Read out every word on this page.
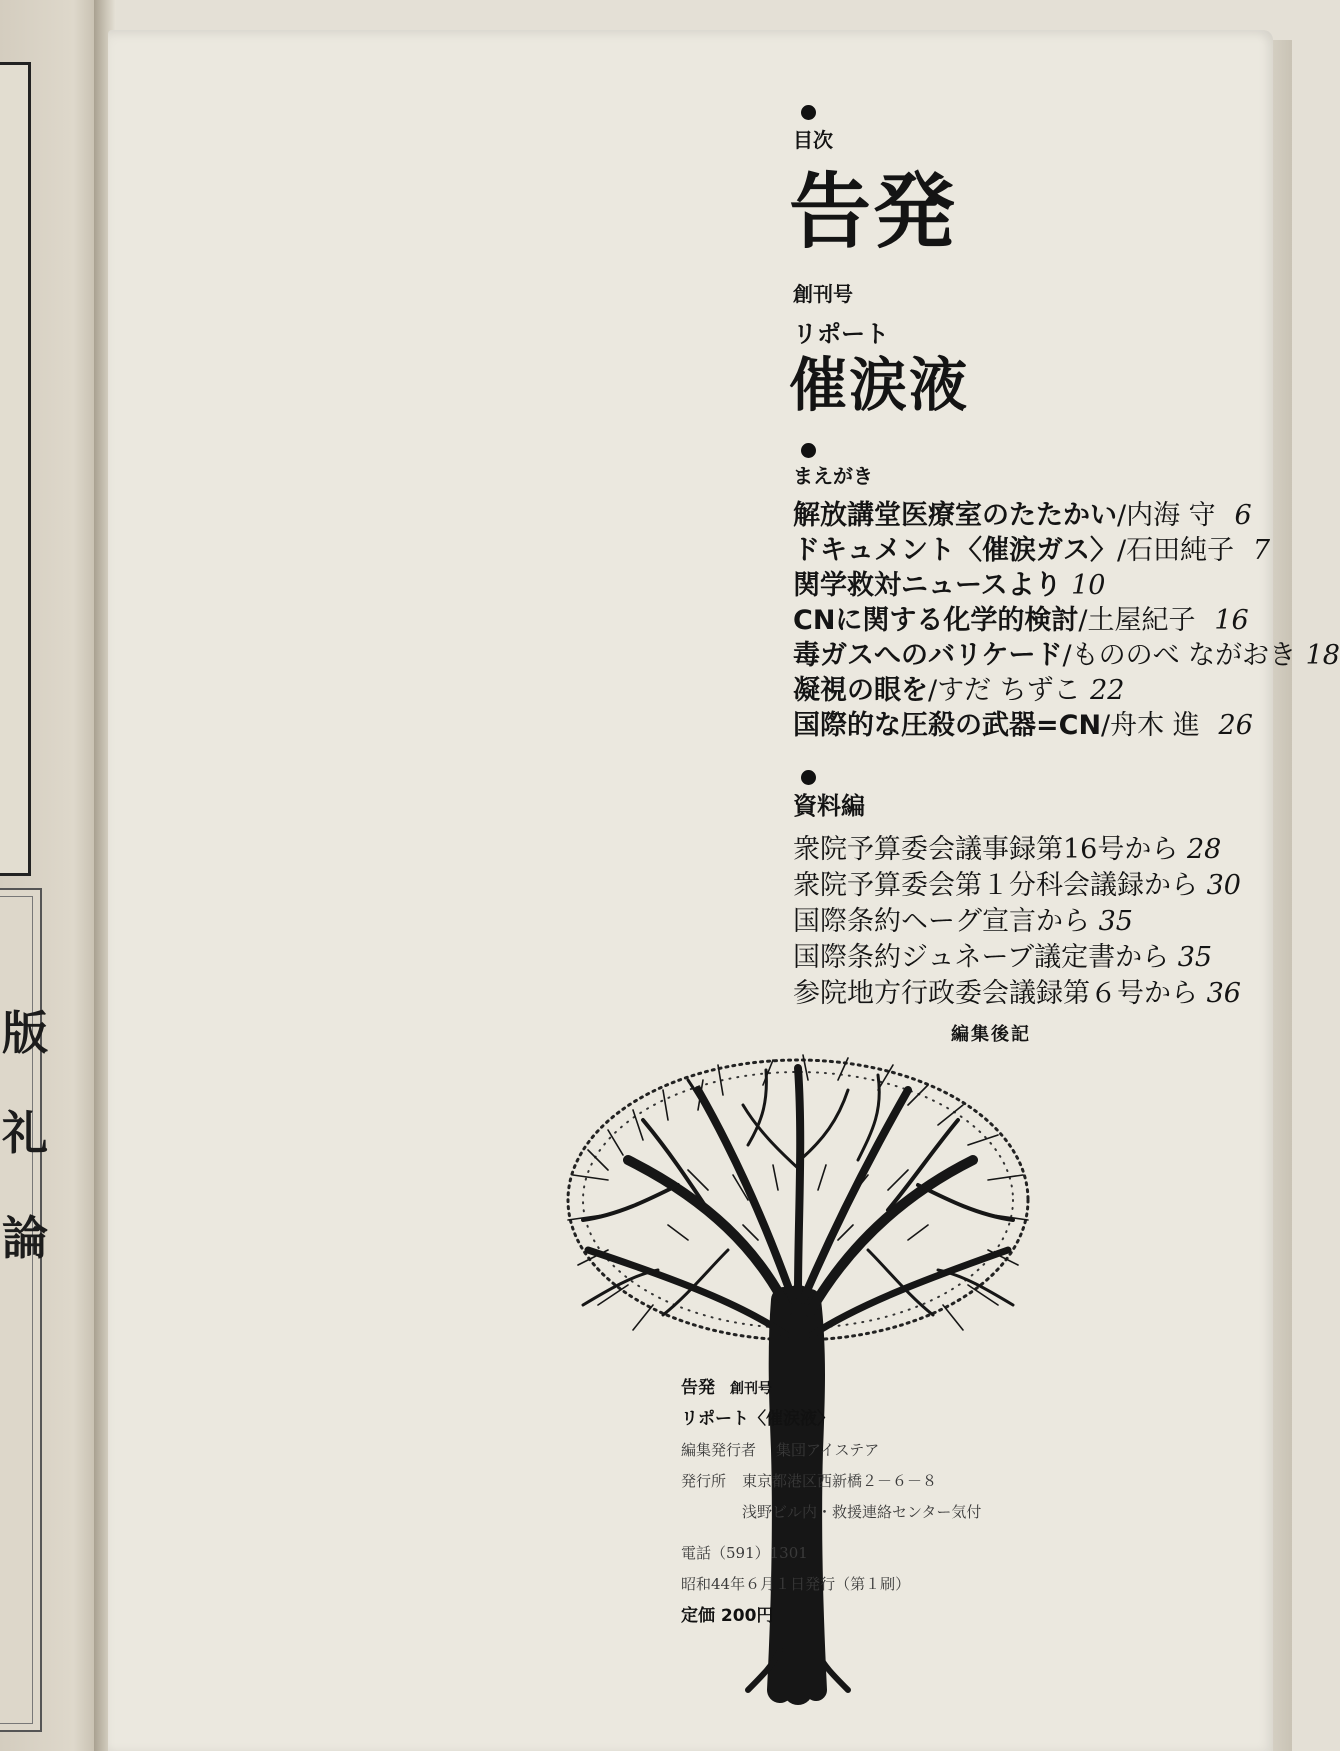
版
礼
論
目次
告発
創刊号
リポート
催涙液
まえがき
解放講堂医療室のたたかい/内海 守 6
ドキュメント〈催涙ガス〉/石田純子 7
関学救対ニュースより 10
CNに関する化学的検討/土屋紀子 16
毒ガスへのバリケード/もののべ ながおき 18
凝視の眼を/すだ ちずこ 22
国際的な圧殺の武器=CN/舟木 進 26
資料編
衆院予算委会議事録第16号から 28
衆院予算委会第１分科会議録から 30
国際条約ヘーグ宣言から 35
国際条約ジュネーブ議定書から 35
参院地方行政委会議録第６号から 36
編集後記
告発 創刊号
リポート〈催涙液〉
編集発行者 集団アイステア
発行所 東京都港区西新橋２－６－８
浅野ビル内・救援連絡センター気付
電話（591）1301
昭和44年６月１日発行（第１刷）
定価 200円
